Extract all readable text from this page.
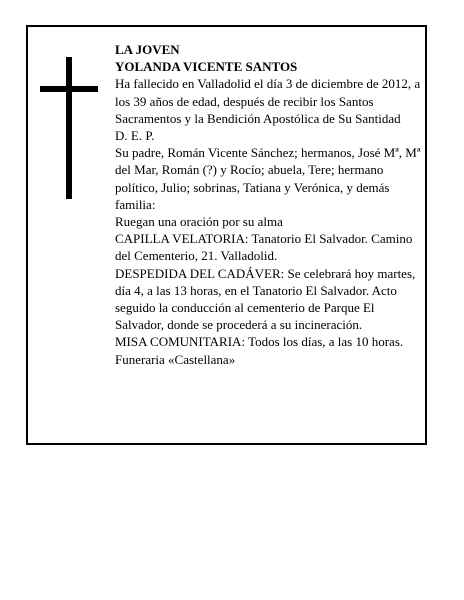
LA JOVEN

YOLANDA VICENTE SANTOS

Ha fallecido en Valladolid el día 3 de diciembre de 2012, a los 39 años de edad, después de recibir los Santos Sacramentos y la Bendición Apostólica de Su Santidad

D. E. P.

Su padre, Román Vicente Sánchez; hermanos, José Mª, Mª del Mar, Román (?) y Rocío; abuela, Tere; hermano político, Julio; sobrinas, Tatiana y Verónica, y demás familia:

Ruegan una oración por su alma

CAPILLA VELATORIA: Tanatorio El Salvador. Camino del Cementerio, 21. Valladolid.

DESPEDIDA DEL CADÁVER: Se celebrará hoy martes, día 4, a las 13 horas, en el Tanatorio El Salvador. Acto seguido la conducción al cementerio de Parque El Salvador, donde se procederá a su incineración.

MISA COMUNITARIA: Todos los días, a las 10 horas.

Funeraria «Castellana»
